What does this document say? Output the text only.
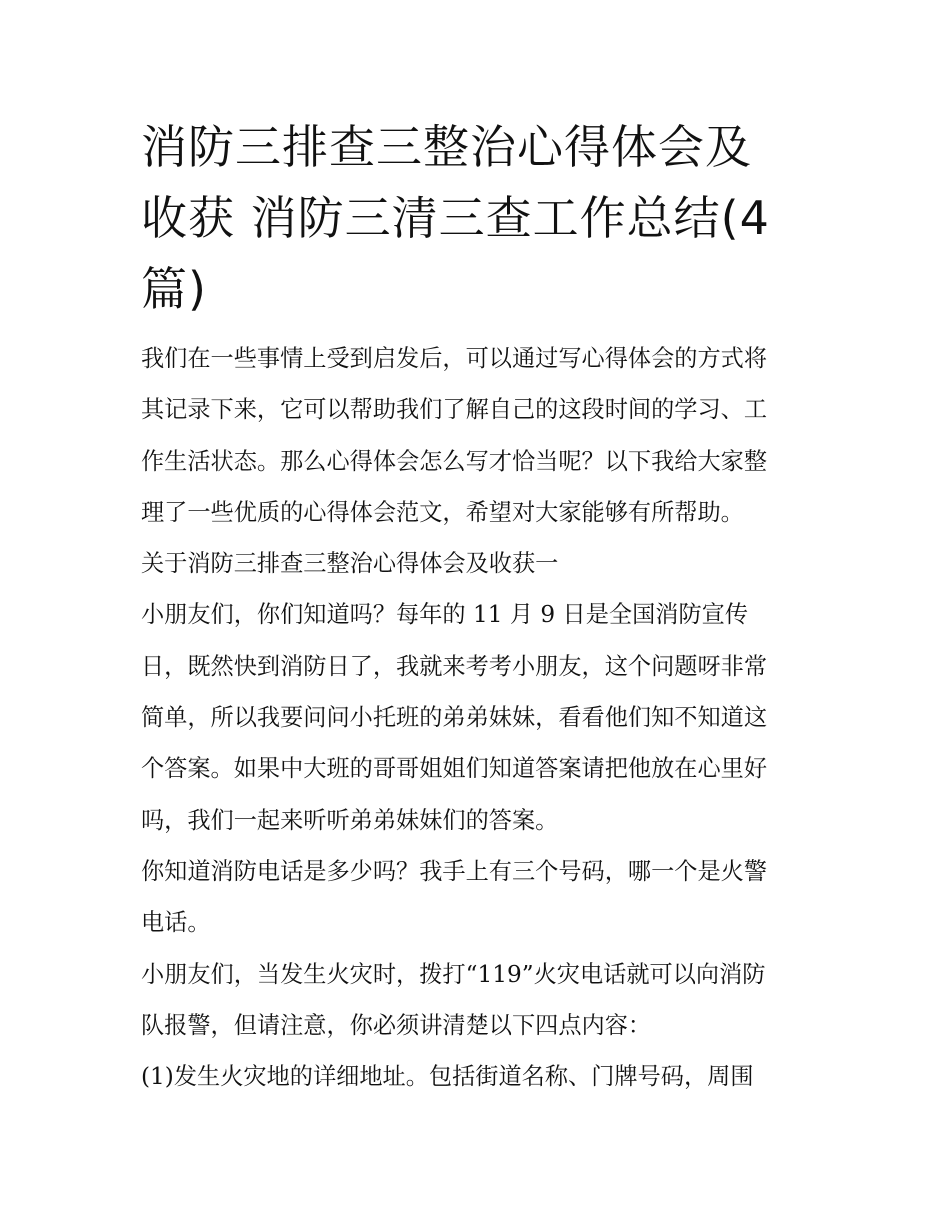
消防三排查三整治心得体会及
收获 消防三清三查工作总结(4
篇)

我们在一些事情上受到启发后，可以通过写心得体会的方式将
其记录下来，它可以帮助我们了解自己的这段时间的学习、工
作生活状态。那么心得体会怎么写才恰当呢？以下我给大家整
理了一些优质的心得体会范文，希望对大家能够有所帮助。

关于消防三排查三整治心得体会及收获一

小朋友们，你们知道吗？每年的 11 月 9 日是全国消防宣传
日，既然快到消防日了，我就来考考小朋友，这个问题呀非常
简单，所以我要问问小托班的弟弟妹妹，看看他们知不知道这
个答案。如果中大班的哥哥姐姐们知道答案请把他放在心里好
吗，我们一起来听听弟弟妹妹们的答案。

你知道消防电话是多少吗？我手上有三个号码，哪一个是火警
电话。

小朋友们，当发生火灾时，拨打“119”火灾电话就可以向消防
队报警，但请注意，你必须讲清楚以下四点内容：

(1)发生火灾地的详细地址。包括街道名称、门牌号码，周围
